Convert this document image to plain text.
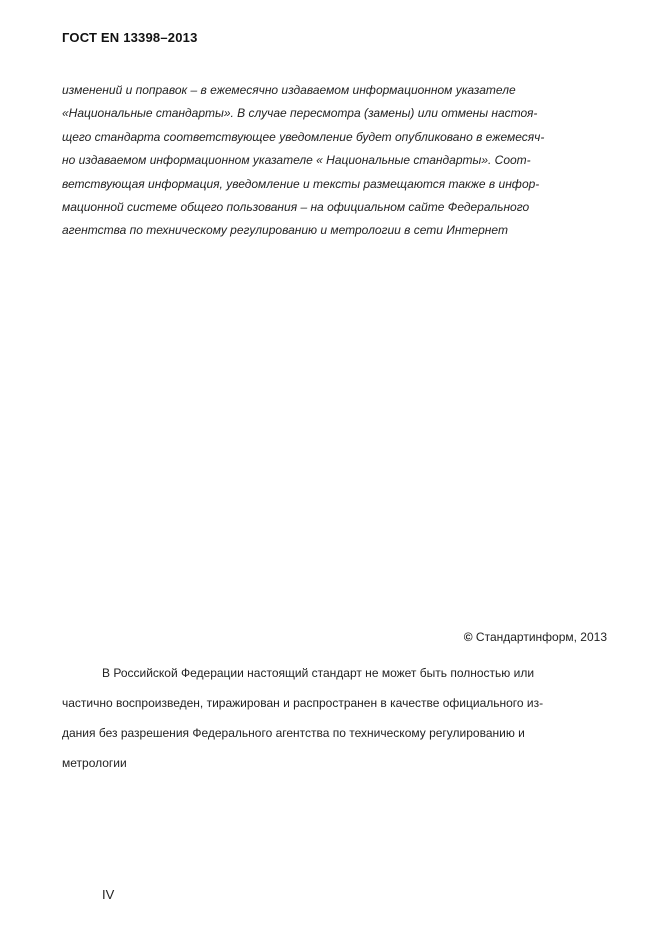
ГОСТ EN 13398–2013
изменений и поправок – в ежемесячно издаваемом информационном указателе
«Национальные стандарты». В случае пересмотра (замены) или отмены настоя-
щего стандарта соответствующее уведомление будет опубликовано в ежемесяч-
но издаваемом информационном указателе « Национальные стандарты». Соот-
ветствующая информация, уведомление и тексты размещаются также в инфор-
мационной системе общего пользования – на официальном сайте Федерального
агентства по техническому регулированию и метрологии в сети Интернет
© Стандартинформ, 2013
В Российской Федерации настоящий стандарт не может быть полностью или
частично воспроизведен, тиражирован и распространен в качестве официального из-
дания без разрешения Федерального агентства по техническому регулированию и
метрологии
IV
